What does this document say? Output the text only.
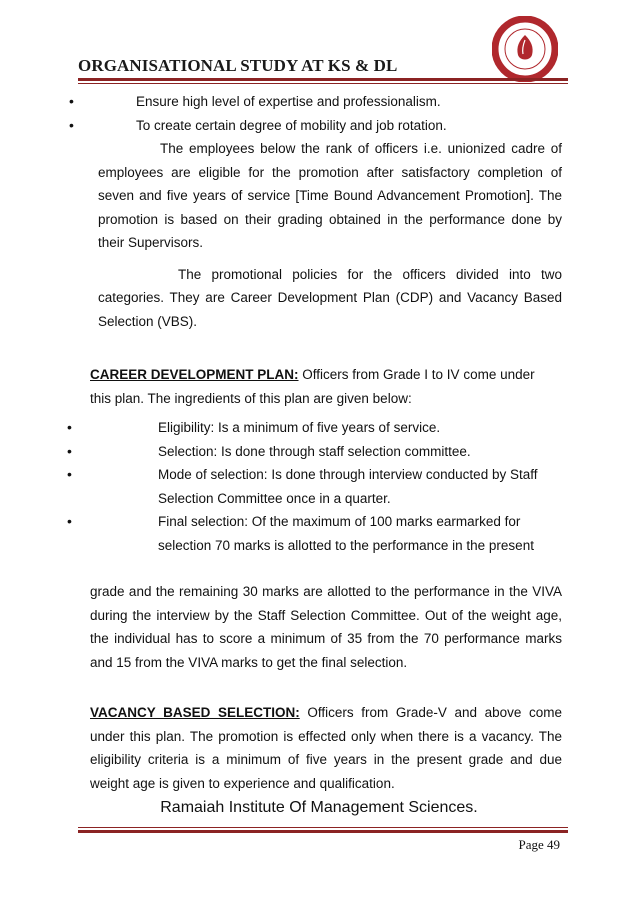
ORGANISATIONAL STUDY AT KS & DL
• Ensure high level of expertise and professionalism.
• To create certain degree of mobility and job rotation.

The employees below the rank of officers i.e. unionized cadre of employees are eligible for the promotion after satisfactory completion of seven and five years of service [Time Bound Advancement Promotion]. The promotion is based on their grading obtained in the performance done by their Supervisors.

The promotional policies for the officers divided into two categories. They are Career Development Plan (CDP) and Vacancy Based Selection (VBS).

CAREER DEVELOPMENT PLAN: Officers from Grade I to IV come under this plan. The ingredients of this plan are given below:

• Eligibility: Is a minimum of five years of service.
• Selection: Is done through staff selection committee.
• Mode of selection: Is done through interview conducted by Staff Selection Committee once in a quarter.
• Final selection: Of the maximum of 100 marks earmarked for selection 70 marks is allotted to the performance in the present

grade and the remaining 30 marks are allotted to the performance in the VIVA during the interview by the Staff Selection Committee. Out of the weight age, the individual has to score a minimum of 35 from the 70 performance marks and 15 from the VIVA marks to get the final selection.

VACANCY BASED SELECTION: Officers from Grade-V and above come under this plan. The promotion is effected only when there is a vacancy. The eligibility criteria is a minimum of five years in the present grade and due weight age is given to experience and qualification.

Ramaiah Institute Of Management Sciences.
Page 49
